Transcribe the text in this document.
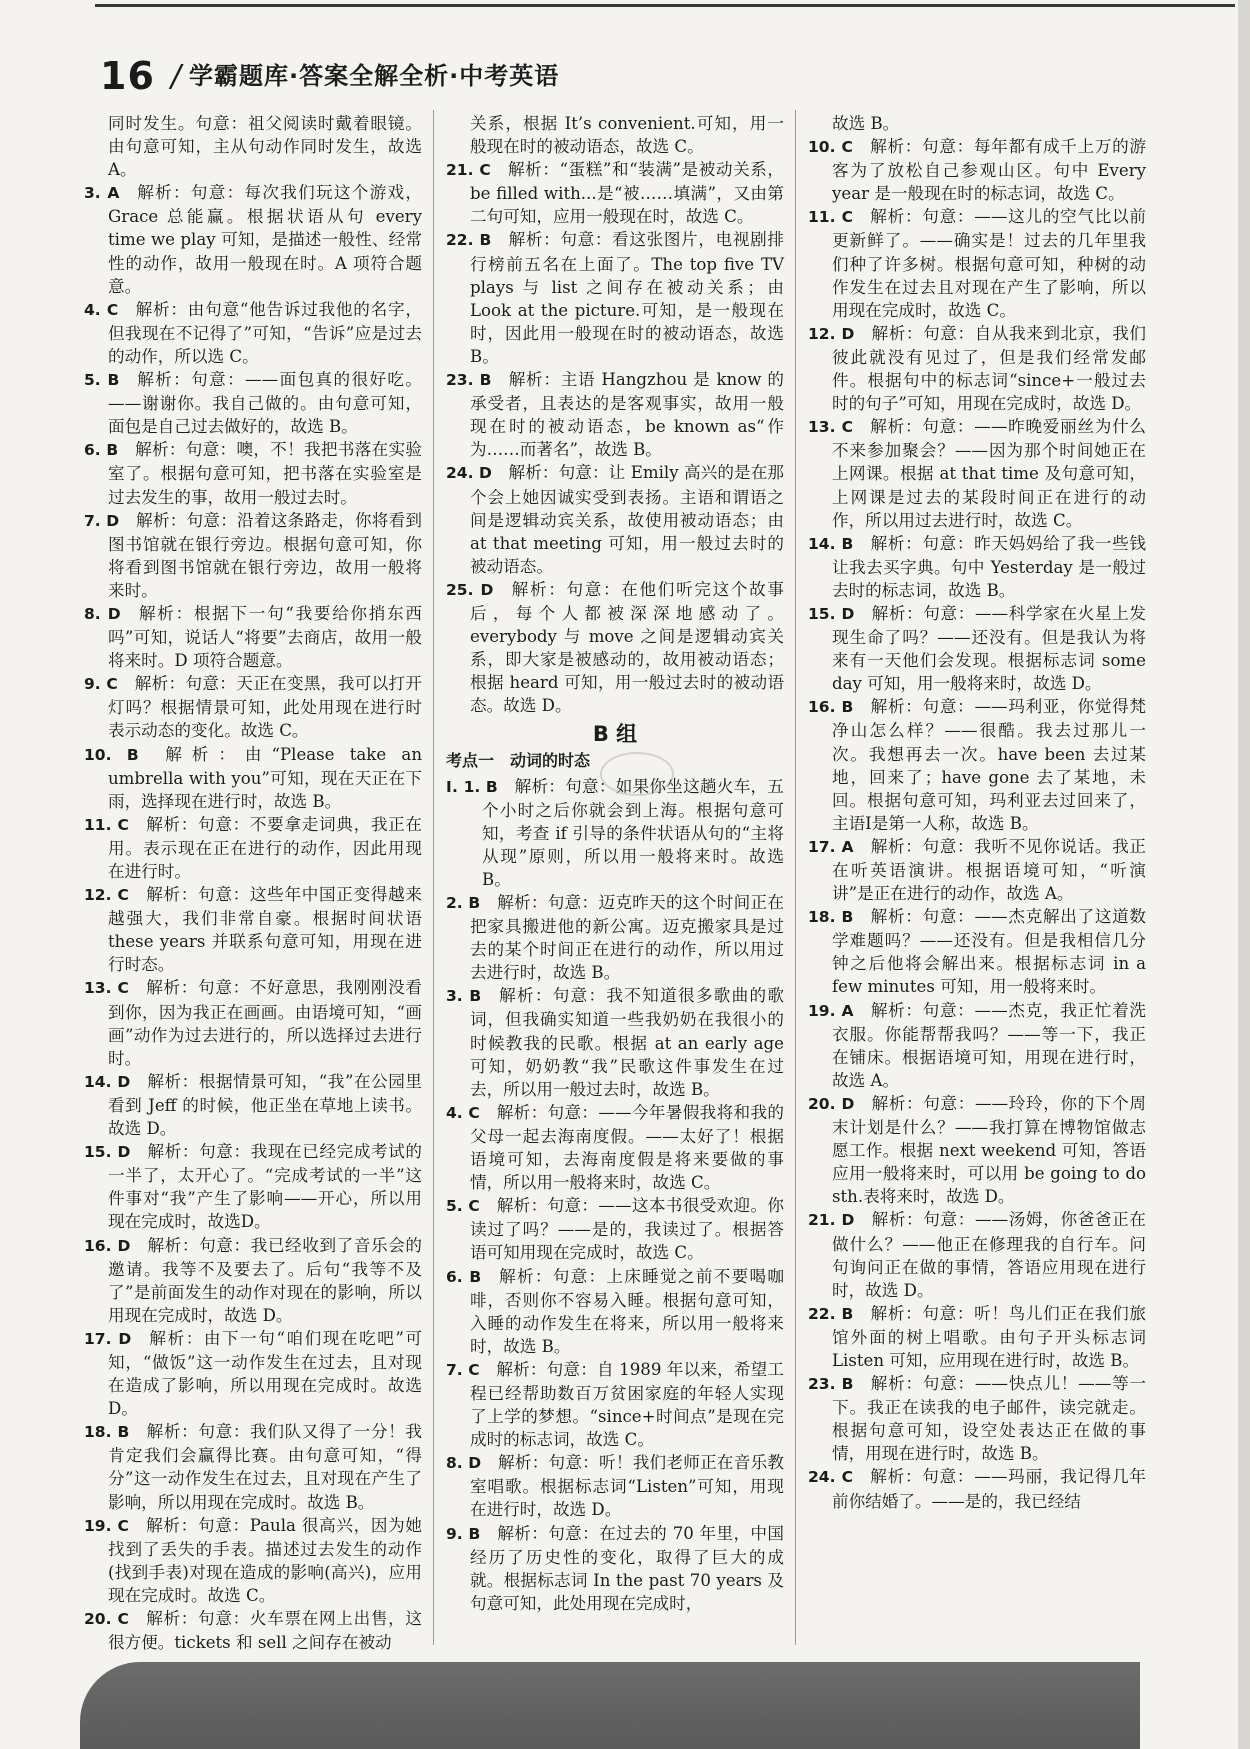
16 / 学霸题库·答案全解全析·中考英语

同时发生。句意：祖父阅读时戴着眼镜。由句意可知，主从句动作同时发生，故选 A。

3. A  解析：句意：每次我们玩这个游戏，Grace 总能赢。根据状语从句 every time we play 可知，是描述一般性、经常性的动作，故用一般现在时。A 项符合题意。

4. C  解析：由句意“他告诉过我他的名字，但我现在不记得了”可知，“告诉”应是过去的动作，所以选 C。

5. B  解析：句意：——面包真的很好吃。——谢谢你。我自己做的。由句意可知，面包是自己过去做好的，故选 B。

6. B  解析：句意：噢，不！我把书落在实验室了。根据句意可知，把书落在实验室是过去发生的事，故用一般过去时。

7. D  解析：句意：沿着这条路走，你将看到图书馆就在银行旁边。根据句意可知，你将看到图书馆就在银行旁边，故用一般将来时。

8. D  解析：根据下一句“我要给你捎东西吗”可知，说话人“将要”去商店，故用一般将来时。D 项符合题意。

9. C  解析：句意：天正在变黑，我可以打开灯吗？根据情景可知，此处用现在进行时表示动态的变化。故选 C。

10. B  解析：由“Please take an umbrella with you”可知，现在天正在下雨，选择现在进行时，故选 B。

11. C  解析：句意：不要拿走词典，我正在用。表示现在正在进行的动作，因此用现在进行时。

12. C  解析：句意：这些年中国正变得越来越强大，我们非常自豪。根据时间状语 these years 并联系句意可知，用现在进行时态。

13. C  解析：句意：不好意思，我刚刚没看到你，因为我正在画画。由语境可知，“画画”动作为过去进行的，所以选择过去进行时。

14. D  解析：根据情景可知，“我”在公园里看到 Jeff 的时候，他正坐在草地上读书。故选 D。

15. D  解析：句意：我现在已经完成考试的一半了，太开心了。“完成考试的一半”这件事对“我”产生了影响——开心，所以用现在完成时，故选D。

16. D  解析：句意：我已经收到了音乐会的邀请。我等不及要去了。后句“我等不及了”是前面发生的动作对现在的影响，所以用现在完成时，故选 D。

17. D  解析：由下一句“咱们现在吃吧”可知，“做饭”这一动作发生在过去，且对现在造成了影响，所以用现在完成时。故选 D。

18. B  解析：句意：我们队又得了一分！我肯定我们会赢得比赛。由句意可知，“得分”这一动作发生在过去，且对现在产生了影响，所以用现在完成时。故选 B。

19. C  解析：句意：Paula 很高兴，因为她找到了丢失的手表。描述过去发生的动作(找到手表)对现在造成的影响(高兴)，应用现在完成时。故选 C。

20. C  解析：句意：火车票在网上出售，这很方便。tickets 和 sell 之间存在被动

关系，根据 It’s convenient.可知，用一般现在时的被动语态，故选 C。

21. C  解析：“蛋糕”和“装满”是被动关系，be filled with...是“被……填满”，又由第二句可知，应用一般现在时，故选 C。

22. B  解析：句意：看这张图片，电视剧排行榜前五名在上面了。The top five TV plays 与 list 之间存在被动关系；由 Look at the picture.可知，是一般现在时，因此用一般现在时的被动语态，故选 B。

23. B  解析：主语 Hangzhou 是 know 的承受者，且表达的是客观事实，故用一般现在时的被动语态，be known as“作为……而著名”，故选 B。

24. D  解析：句意：让 Emily 高兴的是在那个会上她因诚实受到表扬。主语和谓语之间是逻辑动宾关系，故使用被动语态；由 at that meeting 可知，用一般过去时的被动语态。

25. D  解析：句意：在他们听完这个故事后，每个人都被深深地感动了。everybody 与 move 之间是逻辑动宾关系，即大家是被感动的，故用被动语态；根据 heard 可知，用一般过去时的被动语态。故选 D。

B 组
考点一　动词的时态

Ⅰ. 1. B  解析：句意：如果你坐这趟火车，五个小时之后你就会到上海。根据句意可知，考查 if 引导的条件状语从句的“主将从现”原则，所以用一般将来时。故选B。

2. B  解析：句意：迈克昨天的这个时间正在把家具搬进他的新公寓。迈克搬家具是过去的某个时间正在进行的动作，所以用过去进行时，故选 B。

3. B  解析：句意：我不知道很多歌曲的歌词，但我确实知道一些我奶奶在我很小的时候教我的民歌。根据 at an early age 可知，奶奶教“我”民歌这件事发生在过去，所以用一般过去时，故选 B。

4. C  解析：句意：——今年暑假我将和我的父母一起去海南度假。——太好了！根据语境可知，去海南度假是将来要做的事情，所以用一般将来时，故选 C。

5. C  解析：句意：——这本书很受欢迎。你读过了吗？——是的，我读过了。根据答语可知用现在完成时，故选 C。

6. B  解析：句意：上床睡觉之前不要喝咖啡，否则你不容易入睡。根据句意可知，入睡的动作发生在将来，所以用一般将来时，故选 B。

7. C  解析：句意：自 1989 年以来，希望工程已经帮助数百万贫困家庭的年轻人实现了上学的梦想。“since+时间点”是现在完成时的标志词，故选 C。

8. D  解析：句意：听！我们老师正在音乐教室唱歌。根据标志词“Listen”可知，用现在进行时，故选 D。

9. B  解析：句意：在过去的 70 年里，中国经历了历史性的变化，取得了巨大的成就。根据标志词 In the past 70 years 及句意可知，此处用现在完成时，

故选 B。

10. C  解析：句意：每年都有成千上万的游客为了放松自己参观山区。句中 Every year 是一般现在时的标志词，故选 C。

11. C  解析：句意：——这儿的空气比以前更新鲜了。——确实是！过去的几年里我们种了许多树。根据句意可知，种树的动作发生在过去且对现在产生了影响，所以用现在完成时，故选 C。

12. D  解析：句意：自从我来到北京，我们彼此就没有见过了，但是我们经常发邮件。根据句中的标志词“since+一般过去时的句子”可知，用现在完成时，故选 D。

13. C  解析：句意：——昨晚爱丽丝为什么不来参加聚会？——因为那个时间她正在上网课。根据 at that time 及句意可知，上网课是过去的某段时间正在进行的动作，所以用过去进行时，故选 C。

14. B  解析：句意：昨天妈妈给了我一些钱让我去买字典。句中 Yesterday 是一般过去时的标志词，故选 B。

15. D  解析：句意：——科学家在火星上发现生命了吗？——还没有。但是我认为将来有一天他们会发现。根据标志词 some day 可知，用一般将来时，故选 D。

16. B  解析：句意：——玛利亚，你觉得梵净山怎么样？——很酷。我去过那儿一次。我想再去一次。have been 去过某地，回来了；have gone 去了某地，未回。根据句意可知，玛利亚去过回来了，主语I是第一人称，故选 B。

17. A  解析：句意：我听不见你说话。我正在听英语演讲。根据语境可知，“听演讲”是正在进行的动作，故选 A。

18. B  解析：句意：——杰克解出了这道数学难题吗？——还没有。但是我相信几分钟之后他将会解出来。根据标志词 in a few minutes 可知，用一般将来时。

19. A  解析：句意：——杰克，我正忙着洗衣服。你能帮帮我吗？——等一下，我正在铺床。根据语境可知，用现在进行时，故选 A。

20. D  解析：句意：——玲玲，你的下个周末计划是什么？——我打算在博物馆做志愿工作。根据 next weekend 可知，答语应用一般将来时，可以用 be going to do sth.表将来时，故选 D。

21. D  解析：句意：——汤姆，你爸爸正在做什么？——他正在修理我的自行车。问句询问正在做的事情，答语应用现在进行时，故选 D。

22. B  解析：句意：听！鸟儿们正在我们旅馆外面的树上唱歌。由句子开头标志词 Listen 可知，应用现在进行时，故选 B。

23. B  解析：句意：——快点儿！——等一下。我正在读我的电子邮件，读完就走。根据句意可知，设空处表达正在做的事情，用现在进行时，故选 B。

24. C  解析：句意：——玛丽，我记得几年前你结婚了。——是的，我已经结
